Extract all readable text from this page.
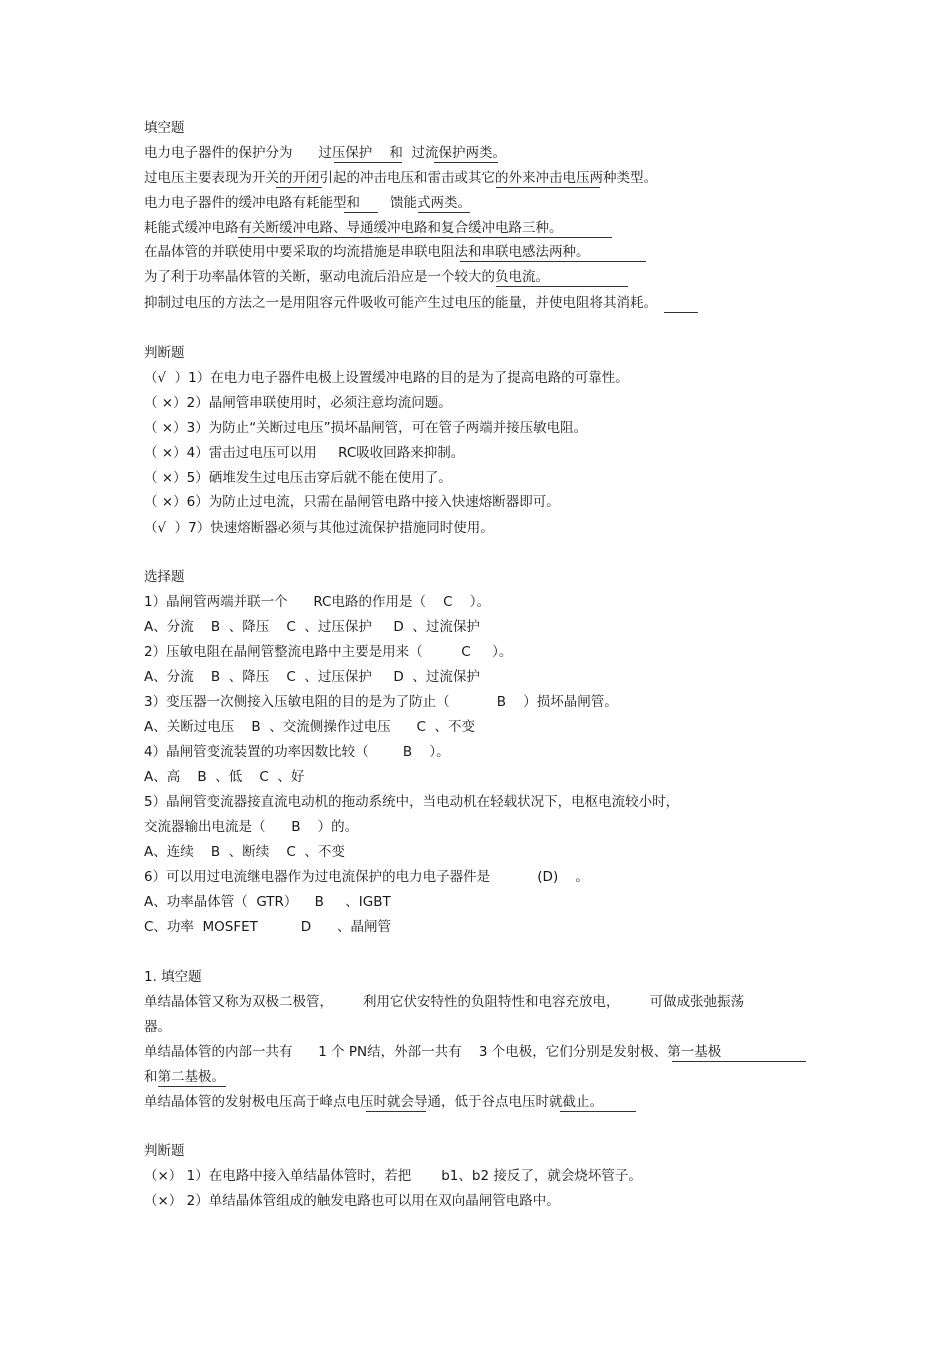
填空题
电力电子器件的保护分为      过压保护    和  过流保护两类。
过电压主要表现为开关的开闭引起的冲击电压和雷击或其它的外来冲击电压两种类型。
电力电子器件的缓冲电路有耗能型和       馈能式两类。
耗能式缓冲电路有关断缓冲电路、导通缓冲电路和复合缓冲电路三种。
在晶体管的并联使用中要采取的均流措施是串联电阻法和串联电感法两种。
为了利于功率晶体管的关断，驱动电流后沿应是一个较大的负电流。
抑制过电压的方法之一是用阻容元件吸收可能产生过电压的能量，并使电阻将其消耗。
判断题
（√  ）1）在电力电子器件电极上设置缓冲电路的目的是为了提高电路的可靠性。
（ ×）2）晶闸管串联使用时，必须注意均流问题。
（ ×）3）为防止“关断过电压”损坏晶闸管，可在管子两端并接压敏电阻。
（ ×）4）雷击过电压可以用     RC吸收回路来抑制。
（ ×）5）硒堆发生过电压击穿后就不能在使用了。
（ ×）6）为防止过电流，只需在晶闸管电路中接入快速熔断器即可。
（√  ）7）快速熔断器必须与其他过流保护措施同时使用。
选择题
1）晶闸管两端并联一个      RC电路的作用是（    C    ）。
A、分流    B  、降压    C  、过压保护     D  、过流保护
2）压敏电阻在晶闸管整流电路中主要是用来（         C     ）。
A、分流    B  、降压    C  、过压保护     D  、过流保护
3）变压器一次侧接入压敏电阻的目的是为了防止（           B    ）损坏晶闸管。
A、关断过电压    B  、交流侧操作过电压      C  、不变
4）晶闸管变流装置的功率因数比较（        B    ）。
A、高    B  、低    C  、好
5）晶闸管变流器接直流电动机的拖动系统中，当电动机在轻载状况下，电枢电流较小时，
交流器输出电流是（      B    ）的。
A、连续    B  、断续    C  、不变
6）可以用过电流继电器作为过电流保护的电力电子器件是           (D)    。
A、功率晶体管（  GTR）    B     、IGBT
C、功率  MOSFET          D      、晶闸管
1. 填空题
单结晶体管又称为双极二极管，       利用它伏安特性的负阻特性和电容充放电，       可做成张弛振荡
器。
单结晶体管的内部一共有      1 个 PN结，外部一共有    3 个电极，它们分别是发射极、第一基极
和第二基极。
单结晶体管的发射极电压高于峰点电压时就会导通，低于谷点电压时就截止。
判断题
（×） 1）在电路中接入单结晶体管时，若把       b1、b2 接反了，就会烧坏管子。
（×） 2）单结晶体管组成的触发电路也可以用在双向晶闸管电路中。
